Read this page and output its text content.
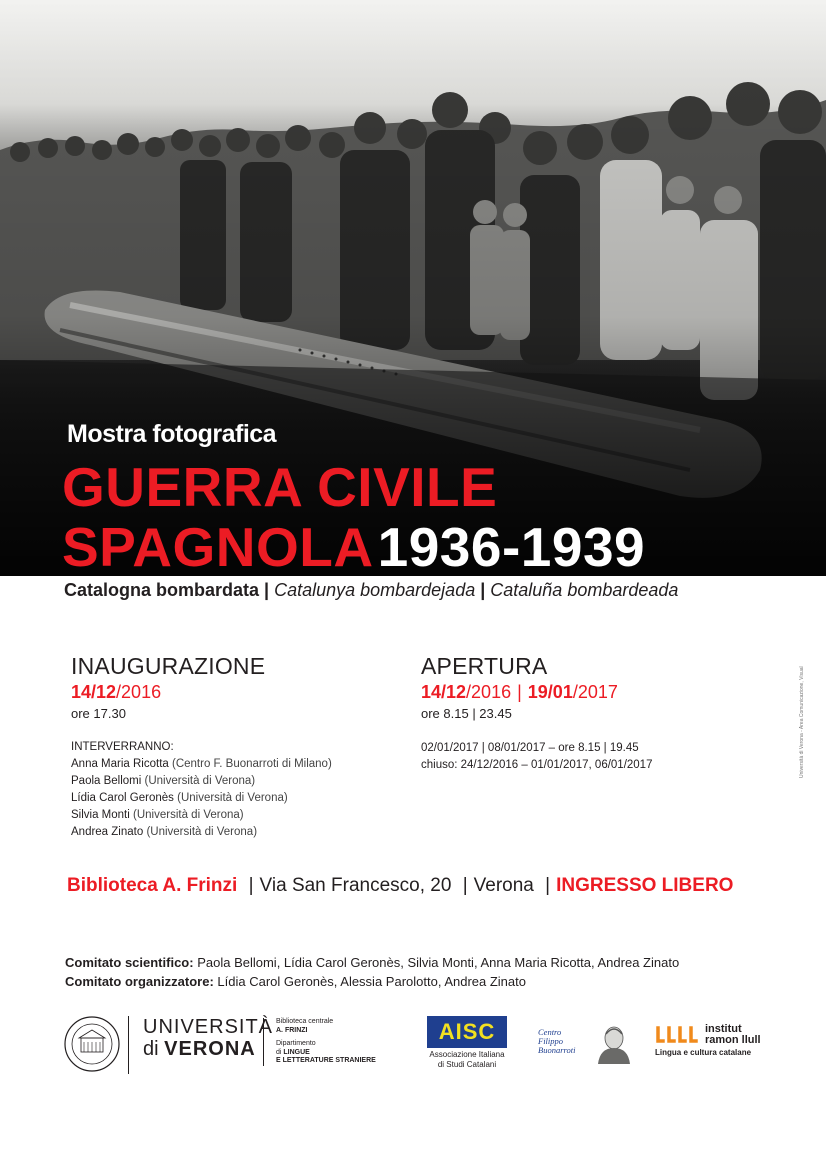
Mostra fotografica
GUERRA CIVILE
SPAGNOLA1936-1939
Catalogna bombardata | Catalunya bombardejada | Cataluña bombardeada
INAUGURAZIONE
14/12/2016
ore 17.30
INTERVERRANNO:
Anna Maria Ricotta (Centro F. Buonarroti di Milano)
Paola Bellomi (Università di Verona)
Lídia Carol Geronès (Università di Verona)
Silvia Monti (Università di Verona)
Andrea Zinato (Università di Verona)
APERTURA
14/12/2016 | 19/01/2017
ore 8.15 | 23.45
02/01/2017 | 08/01/2017 – ore 8.15 | 19.45
chiuso: 24/12/2016 – 01/01/2017, 06/01/2017	Università di Verona - Area Comunicazione, Visual
Biblioteca A. Frinzi | Via San Francesco, 20 | Verona | INGRESSO LIBERO
Comitato scientifico: Paola Bellomi, Lídia Carol Geronès, Silvia Monti, Anna Maria Ricotta, Andrea Zinato
Comitato organizzatore: Lídia Carol Geronès, Alessia Parolotto, Andrea Zinato
UNIVERSITÀ
di VERONA
Biblioteca centrale
A. FRINZI
Dipartimento
di LINGUE
E LETTERATURE STRANIERE
AISC
Associazione Italiana
di Studi Catalani
Centro
Filippo
Buonarroti
institut
ramon llull
Lingua e cultura catalane
